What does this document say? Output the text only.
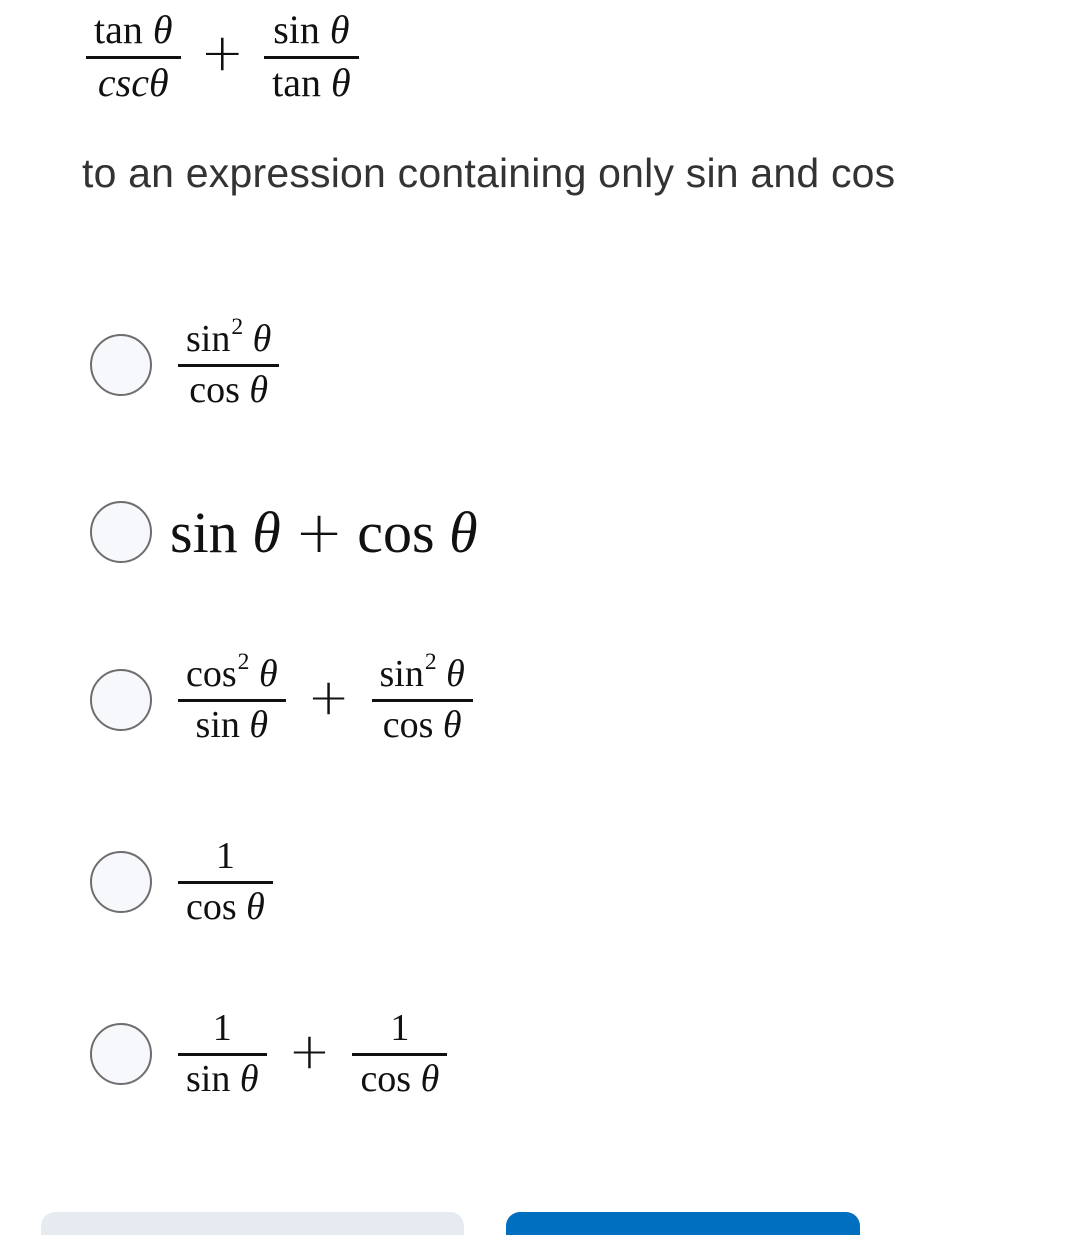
$\frac{\text{tan θ}}{\csc\theta} + \frac{\text{sin θ}}{\text{tan θ}}$
to an expression containing only sin and cos
$\frac{\sin^2 \theta}{\text{cos θ}}$
sin
θ + cos
θ
$\frac{\cos^2 \theta}{\text{sin θ}} + \frac{\sin^2 \theta}{\text{cos θ}}$
$\frac{1}{\text{cos θ}}$
$\frac{1}{\text{sin θ}} + \frac{1}{\text{cos θ}}$
